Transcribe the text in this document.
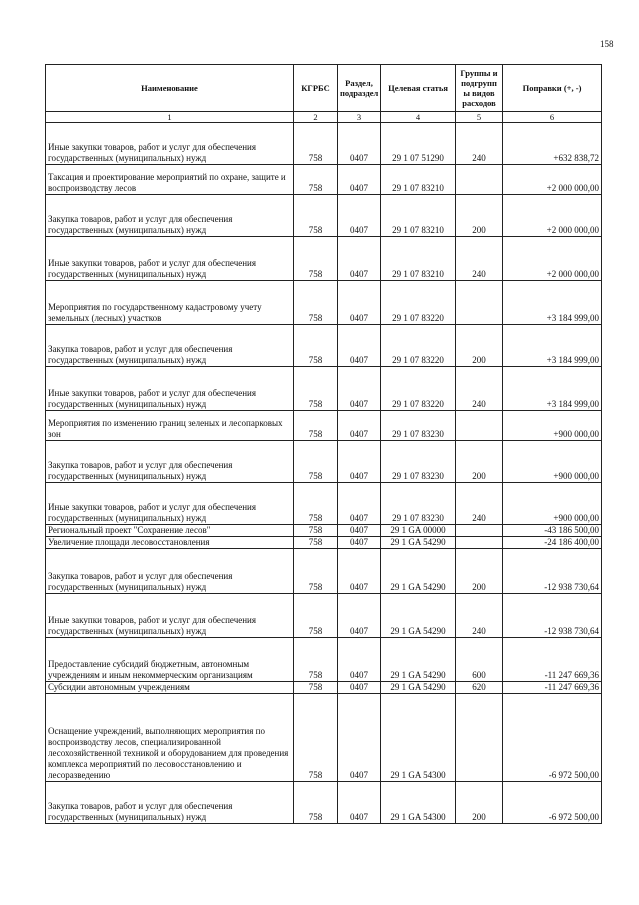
158
Наименование	КГРБС	Раздел, подраздел	Целевая статья	Группы и подгрупп ы видов расходов	Поправки (+, -)
1	2	3	4	5	6
Иные закупки товаров, работ и услуг для обеспечения государственных (муниципальных) нужд	758	0407	29 1 07 51290	240	+632 838,72
Таксация и проектирование мероприятий по охране, защите и воспроизводству лесов	758	0407	29 1 07 83210		+2 000 000,00
Закупка товаров, работ и услуг для обеспечения государственных (муниципальных) нужд	758	0407	29 1 07 83210	200	+2 000 000,00
Иные закупки товаров, работ и услуг для обеспечения государственных (муниципальных) нужд	758	0407	29 1 07 83210	240	+2 000 000,00
Мероприятия по государственному кадастровому учету земельных (лесных) участков	758	0407	29 1 07 83220		+3 184 999,00
Закупка товаров, работ и услуг для обеспечения государственных (муниципальных) нужд	758	0407	29 1 07 83220	200	+3 184 999,00
Иные закупки товаров, работ и услуг для обеспечения государственных (муниципальных) нужд	758	0407	29 1 07 83220	240	+3 184 999,00
Мероприятия по изменению границ зеленых и лесопарковых зон	758	0407	29 1 07 83230		+900 000,00
Закупка товаров, работ и услуг для обеспечения государственных (муниципальных) нужд	758	0407	29 1 07 83230	200	+900 000,00
Иные закупки товаров, работ и услуг для обеспечения государственных (муниципальных) нужд	758	0407	29 1 07 83230	240	+900 000,00
Региональный проект "Сохранение лесов"	758	0407	29 1 GA 00000		-43 186 500,00
Увеличение площади лесовосстановления	758	0407	29 1 GA 54290		-24 186 400,00
Закупка товаров, работ и услуг для обеспечения государственных (муниципальных) нужд	758	0407	29 1 GA 54290	200	-12 938 730,64
Иные закупки товаров, работ и услуг для обеспечения государственных (муниципальных) нужд	758	0407	29 1 GA 54290	240	-12 938 730,64
Предоставление субсидий бюджетным, автономным учреждениям и иным некоммерческим организациям	758	0407	29 1 GA 54290	600	-11 247 669,36
Субсидии автономным учреждениям	758	0407	29 1 GA 54290	620	-11 247 669,36
Оснащение учреждений, выполняющих мероприятия по воспроизводству лесов, специализированной лесохозяйственной техникой и оборудованием для проведения комплекса мероприятий по лесовосстановлению и лесоразведению	758	0407	29 1 GA 54300		-6 972 500,00
Закупка товаров, работ и услуг для обеспечения государственных (муниципальных) нужд	758	0407	29 1 GA 54300	200	-6 972 500,00
